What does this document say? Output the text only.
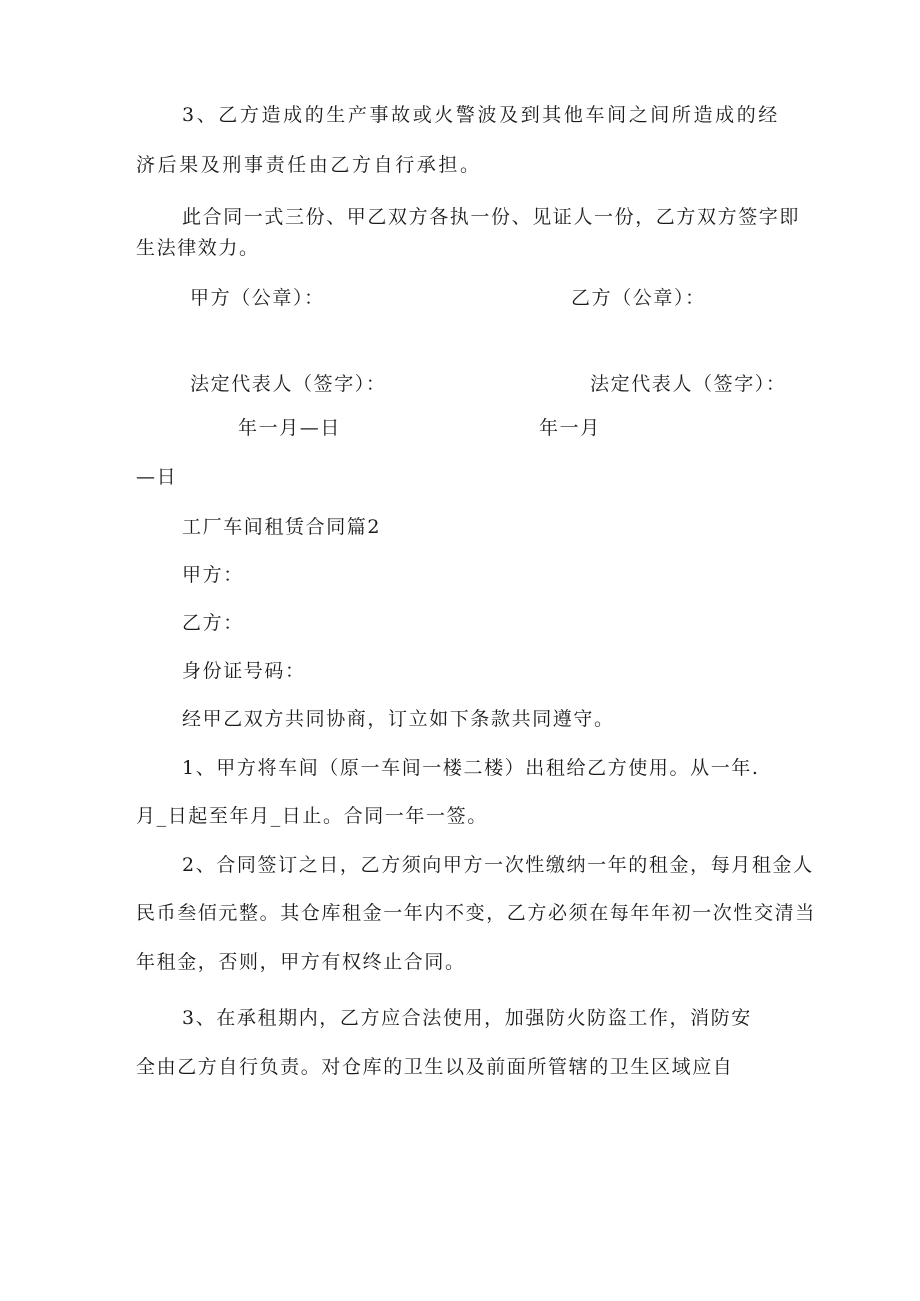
3、乙方造成的生产事故或火警波及到其他车间之间所造成的经
济后果及刑事责任由乙方自行承担。
此合同一式三份、甲乙双方各执一份、见证人一份，乙方双方签字即
生法律效力。
甲方（公章）：	乙方（公章）：
法定代表人（签字）：	法定代表人（签字）：
年一月—日	年一月
—日
工厂车间租赁合同篇2
甲方：
乙方：
身份证号码：
经甲乙双方共同协商，订立如下条款共同遵守。
1、甲方将车间（原一车间一楼二楼）出租给乙方使用。从一年.
月_日起至年月_日止。合同一年一签。
2、合同签订之日，乙方须向甲方一次性缴纳一年的租金，每月租金人
民币叁佰元整。其仓库租金一年内不变，乙方必须在每年年初一次性交清当
年租金，否则，甲方有权终止合同。
3、在承租期内，乙方应合法使用，加强防火防盗工作，消防安
全由乙方自行负责。对仓库的卫生以及前面所管辖的卫生区域应自
